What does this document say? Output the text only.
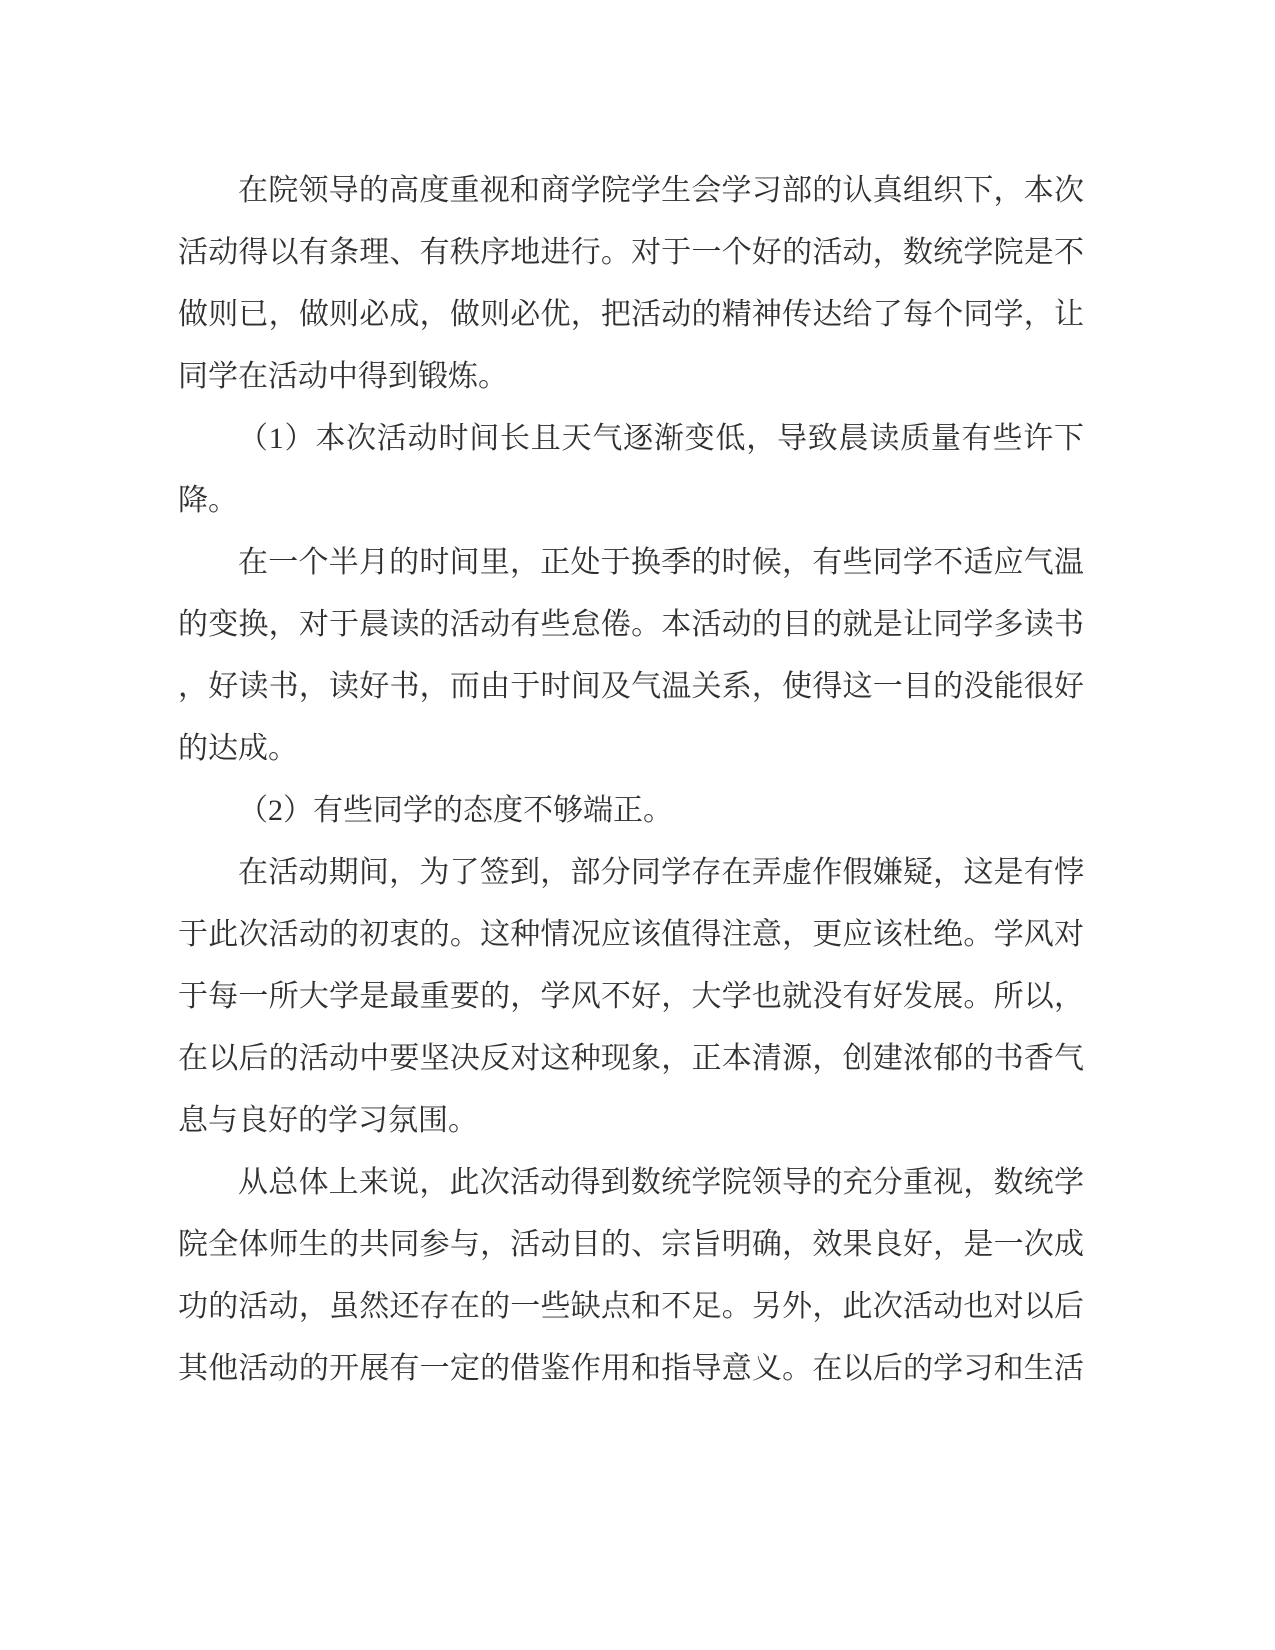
在院领导的高度重视和商学院学生会学习部的认真组织下，本次
活动得以有条理、有秩序地进行。对于一个好的活动，数统学院是不
做则已，做则必成，做则必优，把活动的精神传达给了每个同学，让
同学在活动中得到锻炼。
（1）本次活动时间长且天气逐渐变低，导致晨读质量有些许下
降。
在一个半月的时间里，正处于换季的时候，有些同学不适应气温
的变换，对于晨读的活动有些怠倦。本活动的目的就是让同学多读书
，好读书，读好书，而由于时间及气温关系，使得这一目的没能很好
的达成。
（2）有些同学的态度不够端正。
在活动期间，为了签到，部分同学存在弄虚作假嫌疑，这是有悖
于此次活动的初衷的。这种情况应该值得注意，更应该杜绝。学风对
于每一所大学是最重要的，学风不好，大学也就没有好发展。所以，
在以后的活动中要坚决反对这种现象，正本清源，创建浓郁的书香气
息与良好的学习氛围。
从总体上来说，此次活动得到数统学院领导的充分重视，数统学
院全体师生的共同参与，活动目的、宗旨明确，效果良好，是一次成
功的活动，虽然还存在的一些缺点和不足。另外，此次活动也对以后
其他活动的开展有一定的借鉴作用和指导意义。在以后的学习和生活
